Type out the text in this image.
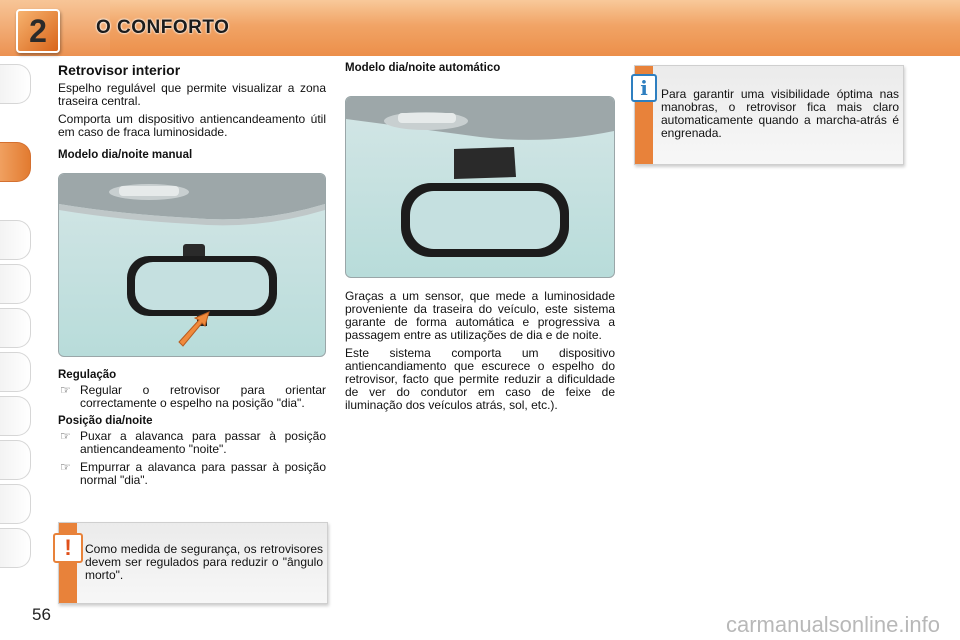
2	O CONFORTO
Retrovisor interior

Espelho regulável que permite visualizar a zona traseira central.

Comporta um dispositivo antiencandeamento útil em caso de fraca luminosidade.

Modelo dia/noite manual
Regulação
☞ Regular o retrovisor para orientar correctamente o espelho na posição "dia".
Posição dia/noite
☞ Puxar a alavanca para passar à posição antiencandeamento "noite".
☞ Empurrar a alavanca para passar à posição normal "dia".
Modelo dia/noite automático

Graças a um sensor, que mede a luminosidade proveniente da traseira do veículo, este sistema garante de forma automática e progressiva a passagem entre as utilizações de dia e de noite.

Este sistema comporta um dispositivo antiencandiamento que escurece o espelho do retrovisor, facto que permite reduzir a dificuldade de ver do condutor em caso de feixe de iluminação dos veículos atrás, sol, etc.).

!	Como medida de segurança, os retrovisores devem ser regulados para reduzir o "ângulo morto".
i	Para garantir uma visibilidade óptima nas manobras, o retrovisor fica mais claro automaticamente quando a marcha-atrás é engrenada.
56	carmanualsonline.info
